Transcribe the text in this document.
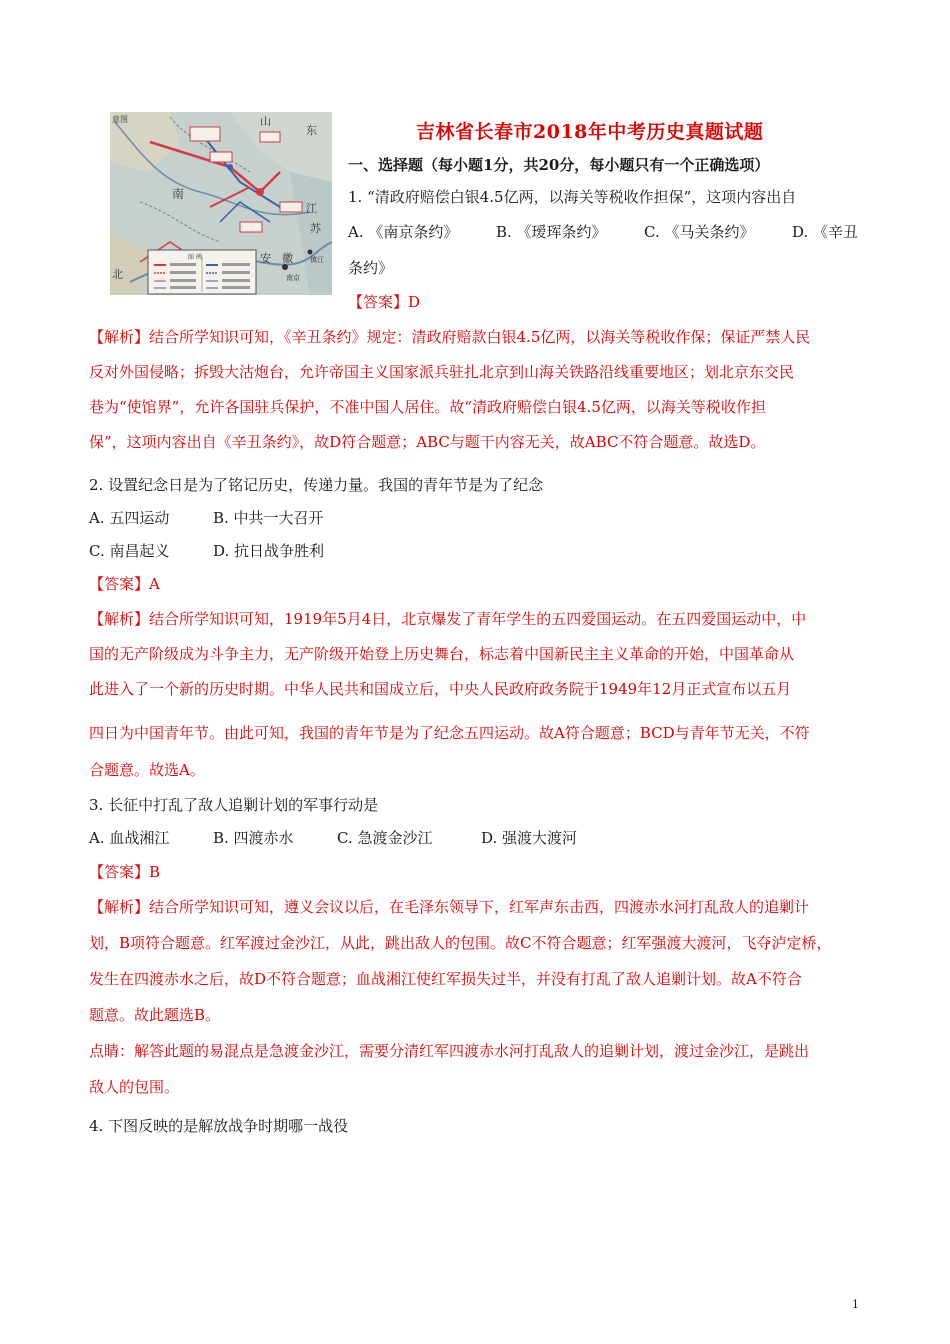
意图	山
东
南
江
苏
安 徽
北
图 例
南京
镇江
吉林省长春市2018年中考历史真题试题
一、选择题（每小题1分，共20分，每小题只有一个正确选项）
1. “清政府赔偿白银4.5亿两，以海关等税收作担保”，这项内容出自
A. 《南京条约》	B. 《瑷珲条约》 C. 《马关条约》	D. 《辛丑
条约》
【答案】D
【解析】结合所学知识可知，《辛丑条约》规定：清政府赔款白银4.5亿两，以海关等税收作保；保证严禁人民
反对外国侵略；拆毁大沽炮台，允许帝国主义国家派兵驻扎北京到山海关铁路沿线重要地区；划北京东交民
巷为“使馆界”，允许各国驻兵保护，不准中国人居住。故“清政府赔偿白银4.5亿两，以海关等税收作担
保”，这项内容出自《辛丑条约》，故D符合题意；ABC与题干内容无关，故ABC不符合题意。故选D。
2. 设置纪念日是为了铭记历史，传递力量。我国的青年节是为了纪念
A. 五四运动	B. 中共一大召开
C. 南昌起义	D. 抗日战争胜利
【答案】A
【解析】结合所学知识可知，1919年5月4日，北京爆发了青年学生的五四爱国运动。在五四爱国运动中，中
国的无产阶级成为斗争主力，无产阶级开始登上历史舞台，标志着中国新民主主义革命的开始，中国革命从
此进入了一个新的历史时期。中华人民共和国成立后，中央人民政府政务院于1949年12月正式宣布以五月
四日为中国青年节。由此可知，我国的青年节是为了纪念五四运动。故A符合题意；BCD与青年节无关，不符
合题意。故选A。
3. 长征中打乱了敌人追剿计划的军事行动是
A. 血战湘江	B. 四渡赤水	C. 急渡金沙江	D. 强渡大渡河
【答案】B
【解析】结合所学知识可知，遵义会议以后，在毛泽东领导下，红军声东击西，四渡赤水河打乱敌人的追剿计
划，B项符合题意。红军渡过金沙江，从此，跳出敌人的包围。故C不符合题意；红军强渡大渡河，飞夺泸定桥，
发生在四渡赤水之后，故D不符合题意；血战湘江使红军损失过半，并没有打乱了敌人追剿计划。故A不符合
题意。故此题选B。
点睛：解答此题的易混点是急渡金沙江，需要分清红军四渡赤水河打乱敌人的追剿计划，渡过金沙江，是跳出
敌人的包围。
4. 下图反映的是解放战争时期哪一战役
1
